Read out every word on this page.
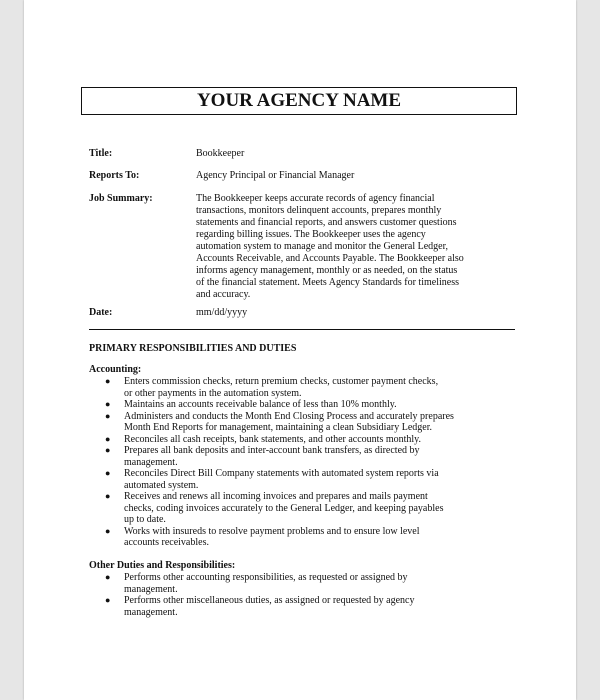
YOUR AGENCY NAME
Title:	Bookkeeper
Reports To:	Agency Principal or Financial Manager
Job Summary:	The Bookkeeper keeps accurate records of agency financial
transactions, monitors delinquent accounts, prepares monthly
statements and financial reports, and answers customer questions
regarding billing issues. The Bookkeeper uses the agency
automation system to manage and monitor the General Ledger,
Accounts Receivable, and Accounts Payable. The Bookkeeper also
informs agency management, monthly or as needed, on the status
of the financial statement. Meets Agency Standards for timeliness
and accuracy.
Date:	mm/dd/yyyy
PRIMARY RESPONSIBILITIES AND DUTIES
Accounting:
● Enters commission checks, return premium checks, customer payment checks,
or other payments in the automation system.
● Maintains an accounts receivable balance of less than 10% monthly.
● Administers and conducts the Month End Closing Process and accurately prepares
Month End Reports for management, maintaining a clean Subsidiary Ledger.
● Reconciles all cash receipts, bank statements, and other accounts monthly.
● Prepares all bank deposits and inter-account bank transfers, as directed by
management.
● Reconciles Direct Bill Company statements with automated system reports via
automated system.
● Receives and renews all incoming invoices and prepares and mails payment
checks, coding invoices accurately to the General Ledger, and keeping payables
up to date.
● Works with insureds to resolve payment problems and to ensure low level
accounts receivables.
Other Duties and Responsibilities:
● Performs other accounting responsibilities, as requested or assigned by
management.
● Performs other miscellaneous duties, as assigned or requested by agency
management.
